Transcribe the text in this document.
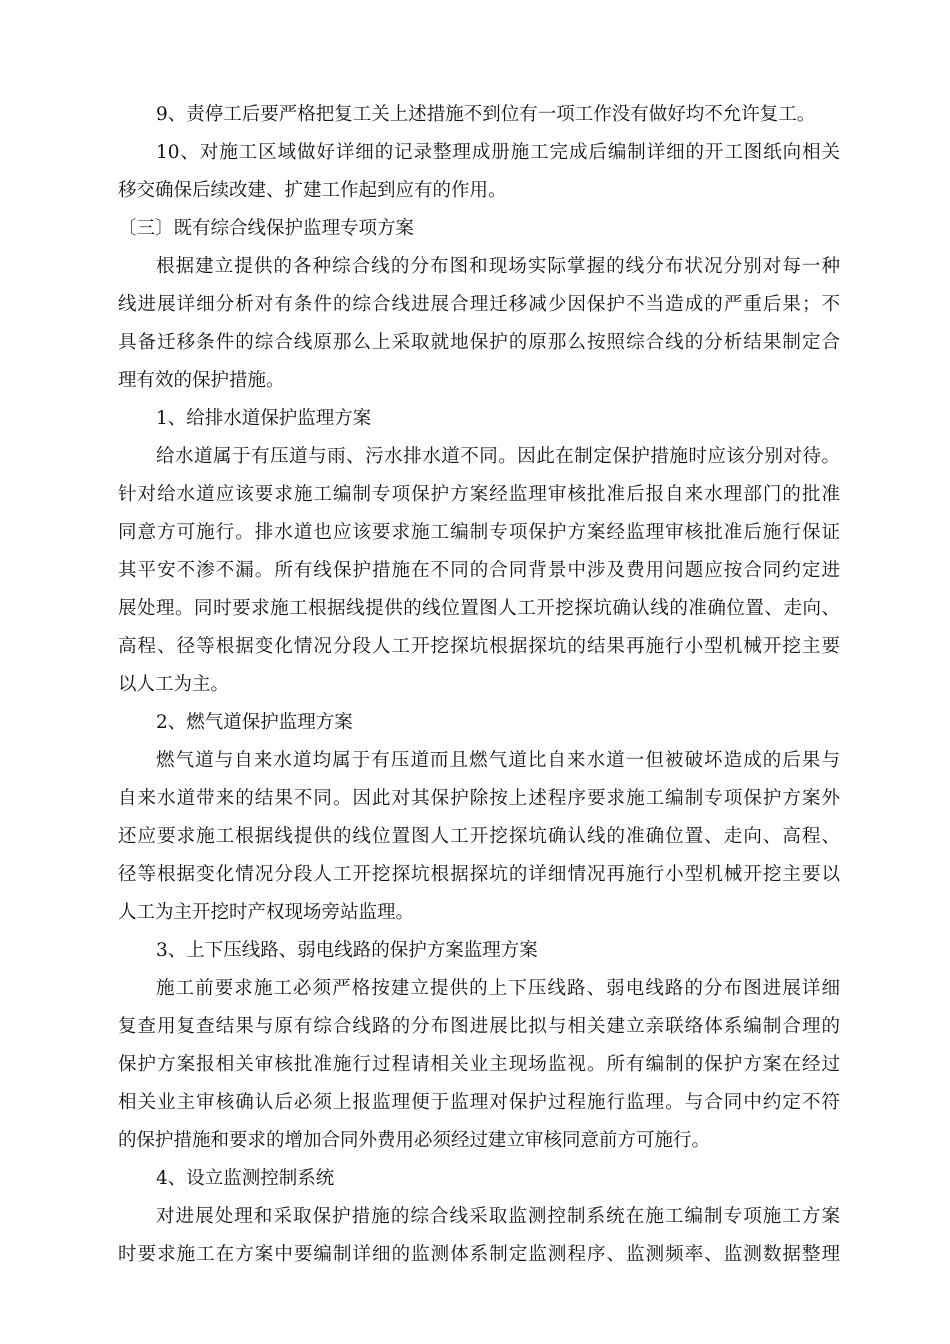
9、责停工后要严格把复工关上述措施不到位有一项工作没有做好均不允许复工。
10、对施工区域做好详细的记录整理成册施工完成后编制详细的开工图纸向相关
移交确保后续改建、扩建工作起到应有的作用。
〔三〕既有综合线保护监理专项方案
根据建立提供的各种综合线的分布图和现场实际掌握的线分布状况分别对每一种
线进展详细分析对有条件的综合线进展合理迁移减少因保护不当造成的严重后果；不
具备迁移条件的综合线原那么上采取就地保护的原那么按照综合线的分析结果制定合
理有效的保护措施。
1、给排水道保护监理方案
给水道属于有压道与雨、污水排水道不同。因此在制定保护措施时应该分别对待。
针对给水道应该要求施工编制专项保护方案经监理审核批准后报自来水理部门的批准
同意方可施行。排水道也应该要求施工编制专项保护方案经监理审核批准后施行保证
其平安不渗不漏。所有线保护措施在不同的合同背景中涉及费用问题应按合同约定进
展处理。同时要求施工根据线提供的线位置图人工开挖探坑确认线的准确位置、走向、
高程、径等根据变化情况分段人工开挖探坑根据探坑的结果再施行小型机械开挖主要
以人工为主。
2、燃气道保护监理方案
燃气道与自来水道均属于有压道而且燃气道比自来水道一但被破坏造成的后果与
自来水道带来的结果不同。因此对其保护除按上述程序要求施工编制专项保护方案外
还应要求施工根据线提供的线位置图人工开挖探坑确认线的准确位置、走向、高程、
径等根据变化情况分段人工开挖探坑根据探坑的详细情况再施行小型机械开挖主要以
人工为主开挖时产权现场旁站监理。
3、上下压线路、弱电线路的保护方案监理方案
施工前要求施工必须严格按建立提供的上下压线路、弱电线路的分布图进展详细
复查用复查结果与原有综合线路的分布图进展比拟与相关建立亲联络体系编制合理的
保护方案报相关审核批准施行过程请相关业主现场监视。所有编制的保护方案在经过
相关业主审核确认后必须上报监理便于监理对保护过程施行监理。与合同中约定不符
的保护措施和要求的增加合同外费用必须经过建立审核同意前方可施行。
4、设立监测控制系统
对进展处理和采取保护措施的综合线采取监测控制系统在施工编制专项施工方案
时要求施工在方案中要编制详细的监测体系制定监测程序、监测频率、监测数据整理
